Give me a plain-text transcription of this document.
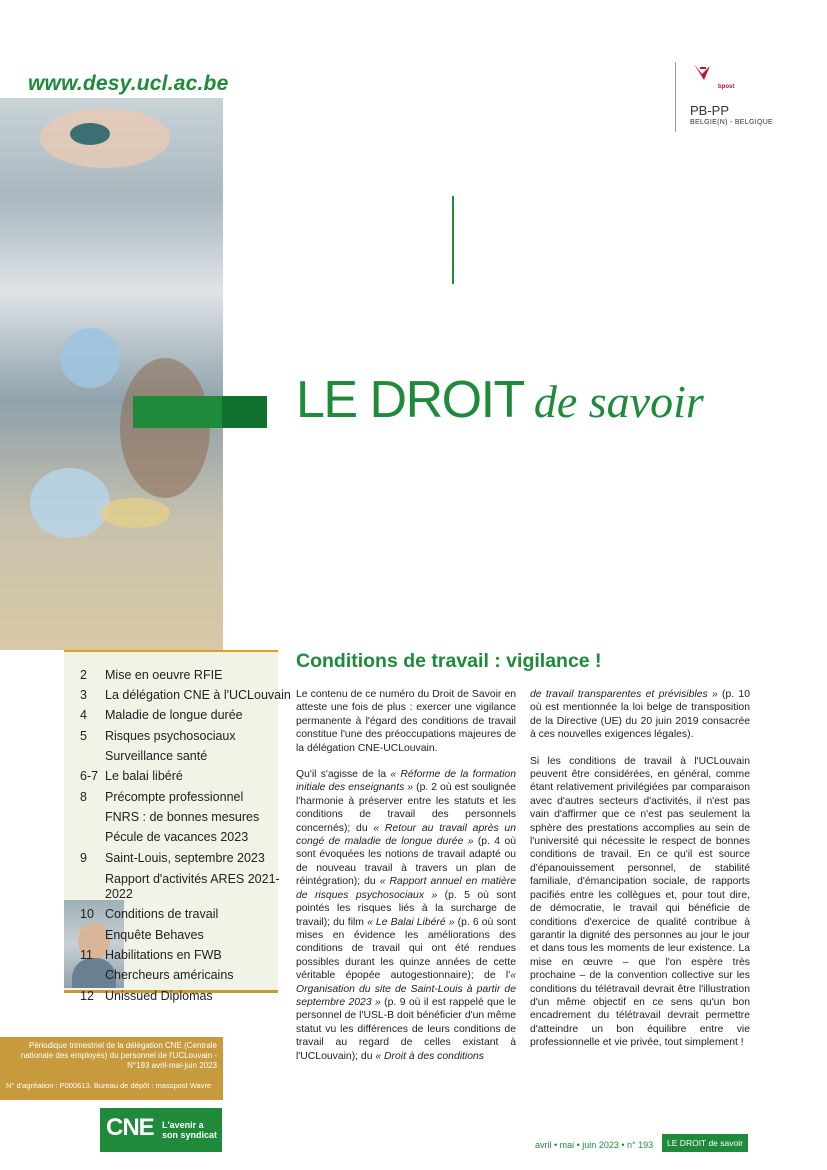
www.desy.ucl.ac.be
2 Mise en oeuvre RFIE
3 La délégation CNE à l'UCLouvain
4 Maladie de longue durée
5 Risques psychosociaux
Surveillance santé
6-7 Le balai libéré
8 Précompte professionnel
FNRS : de bonnes mesures
Pécule de vacances 2023
9 Saint-Louis, septembre 2023
Rapport d'activités ARES 2021-
2022
10 Conditions de travail
Enquête Behaves
11 Habilitations en FWB
Chercheurs américains
12 Unissued Diplomas
Périodique trimestriel de la délégation CNE (Centrale nationale des employés) du personnel de l'UCLouvain - N°193 avril-mai-juin 2023
N° d'agréation : P000613. Bureau de dépôt : masspost Wavre
CNE L'avenir a
son syndicat
bpost
PB-PP
BELGIE(N) - BELGIQUE
LE DROIT de savoir
Conditions de travail : vigilance !

Le contenu de ce numéro du Droit de Savoir en atteste une fois de plus : exercer une vigilance permanente à l'égard des conditions de travail constitue l'une des préoccupations majeures de la délégation CNE-UCLouvain.

Qu'il s'agisse de la « Réforme de la formation initiale des enseignants » (p. 2 où est soulignée l'harmonie à préserver entre les statuts et les conditions de travail des personnels concernés); du « Retour au travail après un congé de maladie de longue durée » (p. 4 où sont évoquées les notions de travail adapté ou de nouveau travail à travers un plan de réintégration); du « Rapport annuel en matière de risques psychosociaux » (p. 5 où sont pointés les risques liés à la surcharge de travail); du film « Le Balai Libéré » (p. 6 où sont mises en évidence les améliorations des conditions de travail qui ont été rendues possibles durant les quinze années de cette véritable épopée autogestionnaire); de l'« Organisation du site de Saint-Louis à partir de septembre 2023 » (p. 9 où il est rappelé que le personnel de l'USL-B doit bénéficier d'un même statut vu les différences de leurs conditions de travail au regard de celles existant à l'UCLouvain); du « Droit à des conditions

de travail transparentes et prévisibles » (p. 10 où est mentionnée la loi belge de transposition de la Directive (UE) du 20 juin 2019 consacrée à ces nouvelles exigences légales).

Si les conditions de travail à l'UCLouvain peuvent être considérées, en général, comme étant relativement privilégiées par comparaison avec d'autres secteurs d'activités, il n'est pas vain d'affirmer que ce n'est pas seulement la sphère des prestations accomplies au sein de l'université qui nécessite le respect de bonnes conditions de travail. En ce qu'il est source d'épanouissement personnel, de stabilité familiale, d'émancipation sociale, de rapports pacifiés entre les collègues et, pour tout dire, de démocratie, le travail qui bénéficie de conditions d'exercice de qualité contribue à garantir la dignité des personnes au jour le jour et dans tous les moments de leur existence. La mise en œuvre – que l'on espère très prochaine – de la convention collective sur les conditions du télétravail devrait être l'illustration d'un même objectif en ce sens qu'un bon encadrement du télétravail devrait permettre d'atteindre un bon équilibre entre vie professionnelle et vie privée, tout simplement !

avril • mai • juin 2023 • n° 193	LE DROIT de savoir
